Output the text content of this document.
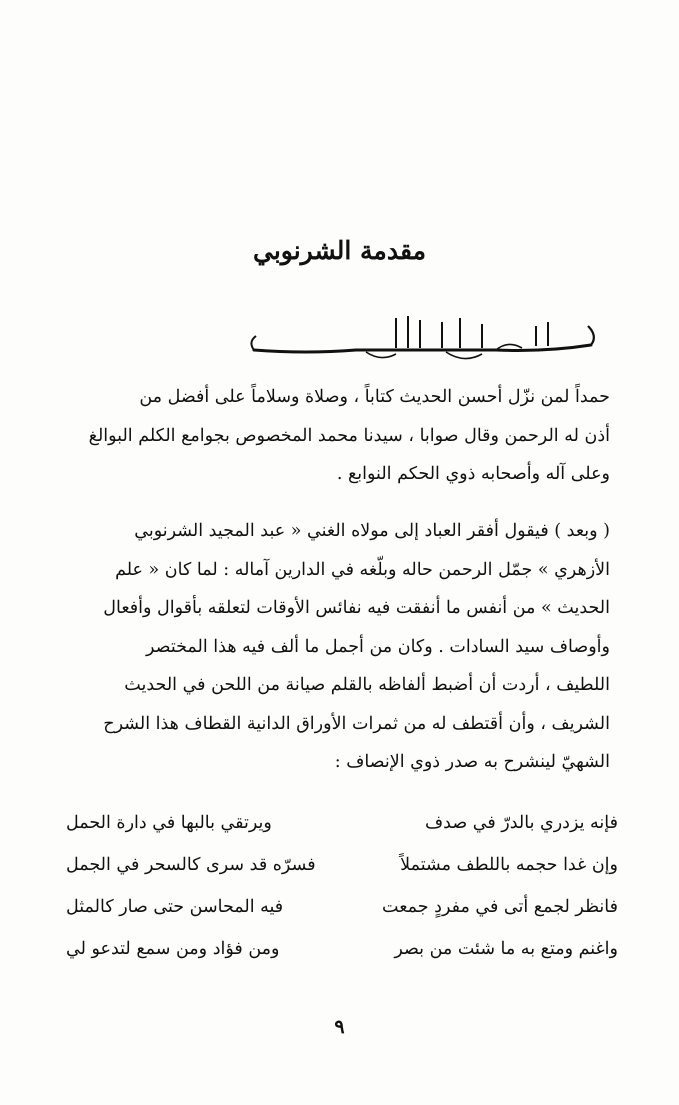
مقدمة الشرنوبي
حمداً لمن نزّل أحسن الحديث كتاباً ، وصلاة وسلاماً على أفضل من
أذن له الرحمن وقال صوابا ، سيدنا محمد المخصوص بجوامع الكلم البوالغ
وعلى آله وأصحابه ذوي الحكم النوابع .
( وبعد ) فيقول أفقر العباد إلى مولاه الغني « عبد المجيد الشرنوبي
الأزهري » جمّل الرحمن حاله وبلّغه في الدارين آماله : لما كان « علم
الحديث » من أنفس ما أنفقت فيه نفائس الأوقات لتعلقه بأقوال وأفعال
وأوصاف سيد السادات . وكان من أجمل ما ألف فيه هذا المختصر
اللطيف ، أردت أن أضبط ألفاظه بالقلم صيانة من اللحن في الحديث
الشريف ، وأن أقتطف له من ثمرات الأوراق الدانية القطاف هذا الشرح
الشهيّ لينشرح به صدر ذوي الإنصاف :
فإنه يزدري بالدرّ في صدف
ويرتقي بالبها في دارة الحمل
وإن غدا حجمه باللطف مشتملاً
فسرّه قد سرى كالسحر في الجمل
فانظر لجمع أتى في مفردٍ جمعت
فيه المحاسن حتى صار كالمثل
واغنم ومتع به ما شئت من بصر
ومن فؤاد ومن سمع لتدعو لي
٩
